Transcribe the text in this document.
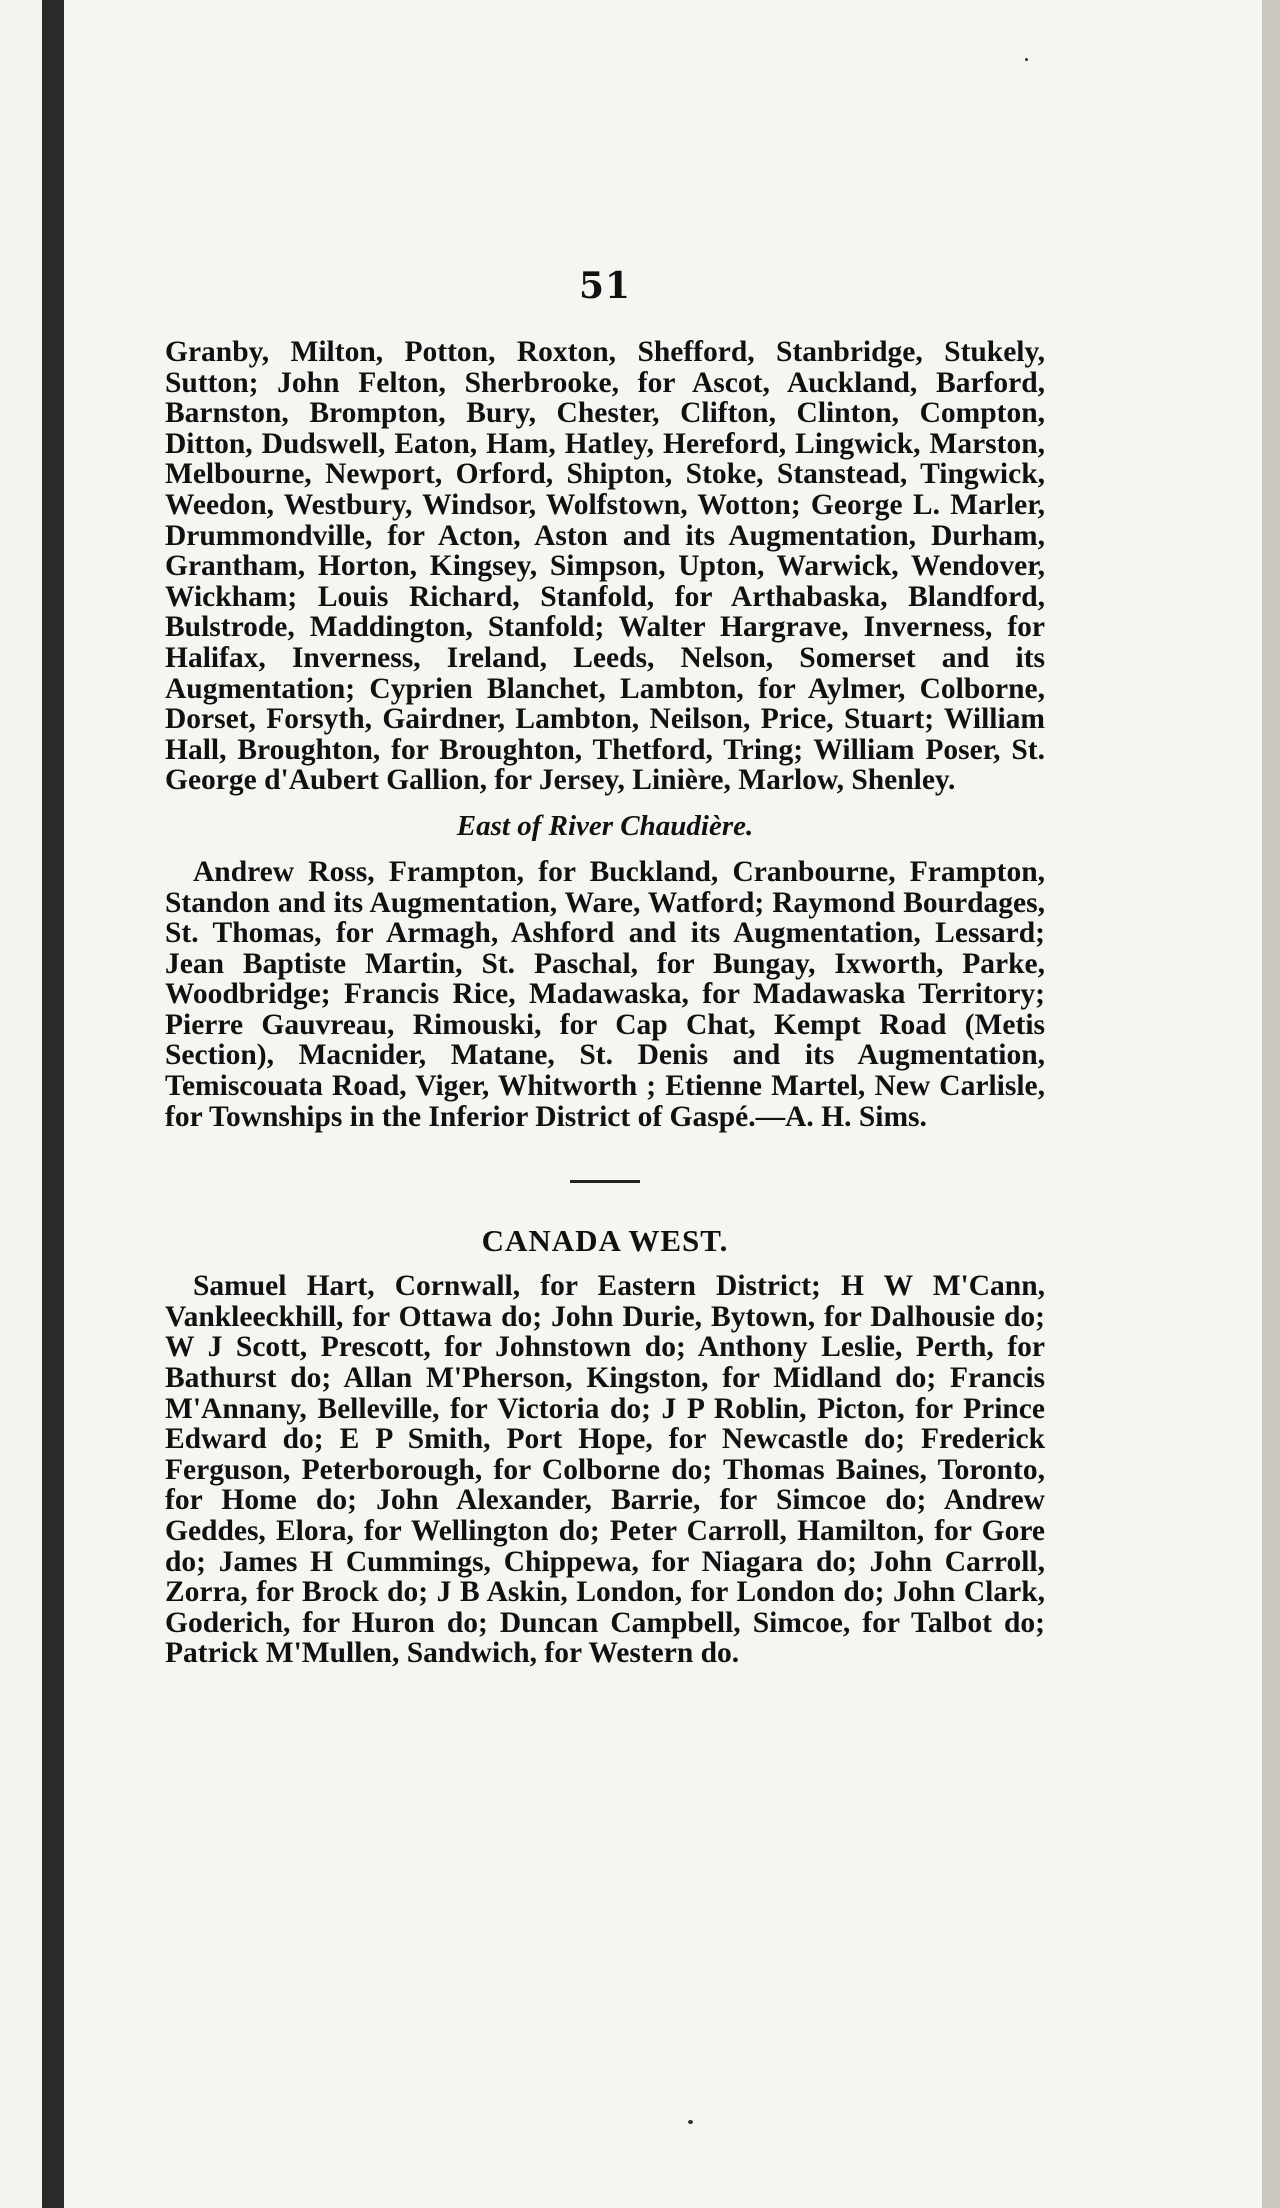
51

Granby, Milton, Potton, Roxton, Shefford, Stanbridge, Stukely, Sutton; John Felton, Sherbrooke, for Ascot, Auckland, Barford, Barnston, Brompton, Bury, Chester, Clifton, Clinton, Compton, Ditton, Dudswell, Eaton, Ham, Hatley, Hereford, Lingwick, Marston, Melbourne, Newport, Orford, Shipton, Stoke, Stanstead, Tingwick, Weedon, Westbury, Windsor, Wolfstown, Wotton; George L. Marler, Drummondville, for Acton, Aston and its Augmentation, Durham, Grantham, Horton, Kingsey, Simpson, Upton, Warwick, Wendover, Wickham; Louis Richard, Stanfold, for Arthabaska, Blandford, Bulstrode, Maddington, Stanfold; Walter Hargrave, Inverness, for Halifax, Inverness, Ireland, Leeds, Nelson, Somerset and its Augmentation; Cyprien Blanchet, Lambton, for Aylmer, Colborne, Dorset, Forsyth, Gairdner, Lambton, Neilson, Price, Stuart; William Hall, Broughton, for Broughton, Thetford, Tring; William Poser, St. George d'Aubert Gallion, for Jersey, Linière, Marlow, Shenley.

East of River Chaudière.

Andrew Ross, Frampton, for Buckland, Cranbourne, Frampton, Standon and its Augmentation, Ware, Watford; Raymond Bourdages, St. Thomas, for Armagh, Ashford and its Augmentation, Lessard; Jean Baptiste Martin, St. Paschal, for Bungay, Ixworth, Parke, Woodbridge; Francis Rice, Madawaska, for Madawaska Territory; Pierre Gauvreau, Rimouski, for Cap Chat, Kempt Road (Metis Section), Macnider, Matane, St. Denis and its Augmentation, Temiscouata Road, Viger, Whitworth ; Etienne Martel, New Carlisle, for Townships in the Inferior District of Gaspé.—A. H. Sims.

CANADA WEST.

Samuel Hart, Cornwall, for Eastern District; H W M'Cann, Vankleeckhill, for Ottawa do; John Durie, Bytown, for Dalhousie do; W J Scott, Prescott, for Johnstown do; Anthony Leslie, Perth, for Bathurst do; Allan M'Pherson, Kingston, for Midland do; Francis M'Annany, Belleville, for Victoria do; J P Roblin, Picton, for Prince Edward do; E P Smith, Port Hope, for Newcastle do; Frederick Ferguson, Peterborough, for Colborne do; Thomas Baines, Toronto, for Home do; John Alexander, Barrie, for Simcoe do; Andrew Geddes, Elora, for Wellington do; Peter Carroll, Hamilton, for Gore do; James H Cummings, Chippewa, for Niagara do; John Carroll, Zorra, for Brock do; J B Askin, London, for London do; John Clark, Goderich, for Huron do; Duncan Campbell, Simcoe, for Talbot do; Patrick M'Mullen, Sandwich, for Western do.
